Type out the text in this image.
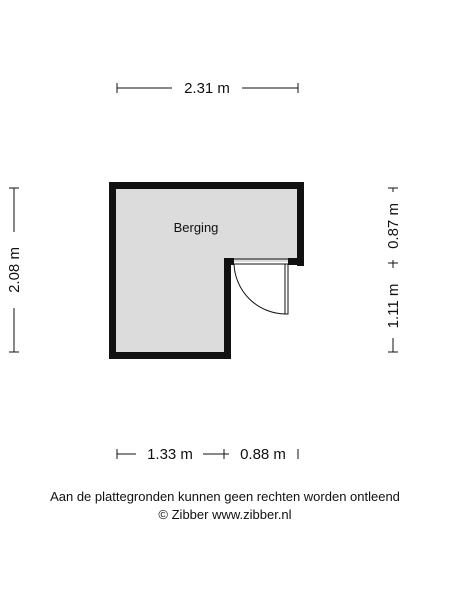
2.31 m
2.08 m
0.87 m
1.11 m
Berging
1.33 m	0.88 m
Aan de plattegronden kunnen geen rechten worden ontleend
© Zibber www.zibber.nl
